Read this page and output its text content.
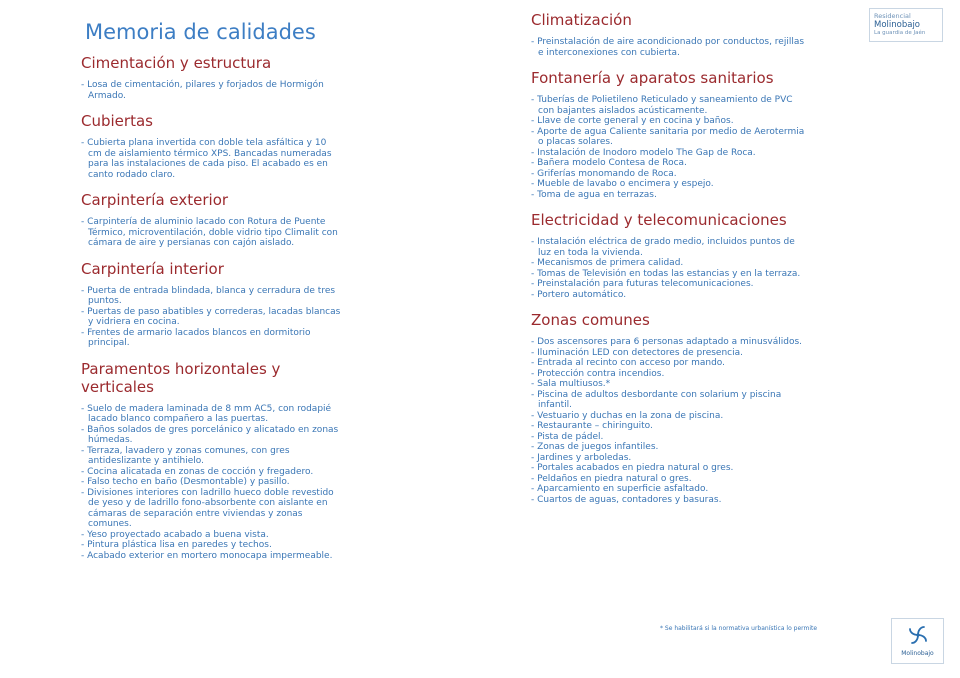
Memoria de calidades
Cimentación y estructura
- Losa de cimentación, pilares y forjados de Hormigón Armado.
Cubiertas
- Cubierta plana invertida con doble tela asfáltica y 10 cm de aislamiento térmico XPS. Bancadas numeradas para las instalaciones de cada piso. El acabado es en canto rodado claro.
Carpintería exterior
- Carpintería de aluminio lacado con Rotura de Puente Térmico, microventilación, doble vidrio tipo Climalit con cámara de aire y persianas con cajón aislado.
Carpintería interior
- Puerta de entrada blindada, blanca y cerradura de tres puntos.
- Puertas de paso abatibles y correderas, lacadas blancas y vidriera en cocina.
- Frentes de armario lacados blancos en dormitorio principal.
Paramentos horizontales y verticales
- Suelo de madera laminada de 8 mm AC5, con rodapié lacado blanco compañero a las puertas.
- Baños solados de gres porcelánico y alicatado en zonas húmedas.
- Terraza, lavadero y zonas comunes, con gres antideslizante y antihielo.
- Cocina alicatada en zonas de cocción y fregadero.
- Falso techo en baño (Desmontable) y pasillo.
- Divisiones interiores con ladrillo hueco doble revestido de yeso y de ladrillo fono-absorbente con aislante en cámaras de separación entre viviendas y zonas comunes.
- Yeso proyectado acabado a buena vista.
- Pintura plástica lisa en paredes y techos.
- Acabado exterior en mortero monocapa impermeable.
Climatización
- Preinstalación de aire acondicionado por conductos, rejillas e interconexiones con cubierta.
Fontanería y aparatos sanitarios
- Tuberías de Polietileno Reticulado y saneamiento de PVC con bajantes aislados acústicamente.
- Llave de corte general y en cocina y baños.
- Aporte de agua Caliente sanitaria por medio de Aerotermia o placas solares.
- Instalación de Inodoro modelo The Gap de Roca.
- Bañera modelo Contesa de Roca.
- Griferías monomando de Roca.
- Mueble de lavabo o encimera y espejo.
- Toma de agua en terrazas.
Electricidad y telecomunicaciones
- Instalación eléctrica de grado medio, incluidos puntos de luz en toda la vivienda.
- Mecanismos de primera calidad.
- Tomas de Televisión en todas las estancias y en la terraza.
- Preinstalación para futuras telecomunicaciones.
- Portero automático.
Zonas comunes
- Dos ascensores para 6 personas adaptado a minusválidos.
- Iluminación LED con detectores de presencia.
- Entrada al recinto con acceso por mando.
- Protección contra incendios.
- Sala multiusos.*
- Piscina de adultos desbordante con solarium y piscina infantil.
- Vestuario y duchas en la zona de piscina.
- Restaurante – chiringuito.
- Pista de pádel.
- Zonas de juegos infantiles.
- Jardines y arboledas.
- Portales acabados en piedra natural o gres.
- Peldaños en piedra natural o gres.
- Aparcamiento en superficie asfaltado.
- Cuartos de aguas, contadores y basuras.
* Se habilitará si la normativa urbanística lo permite
Residencial
Molinobajo
La guardia de Jaén
Molinobajo
